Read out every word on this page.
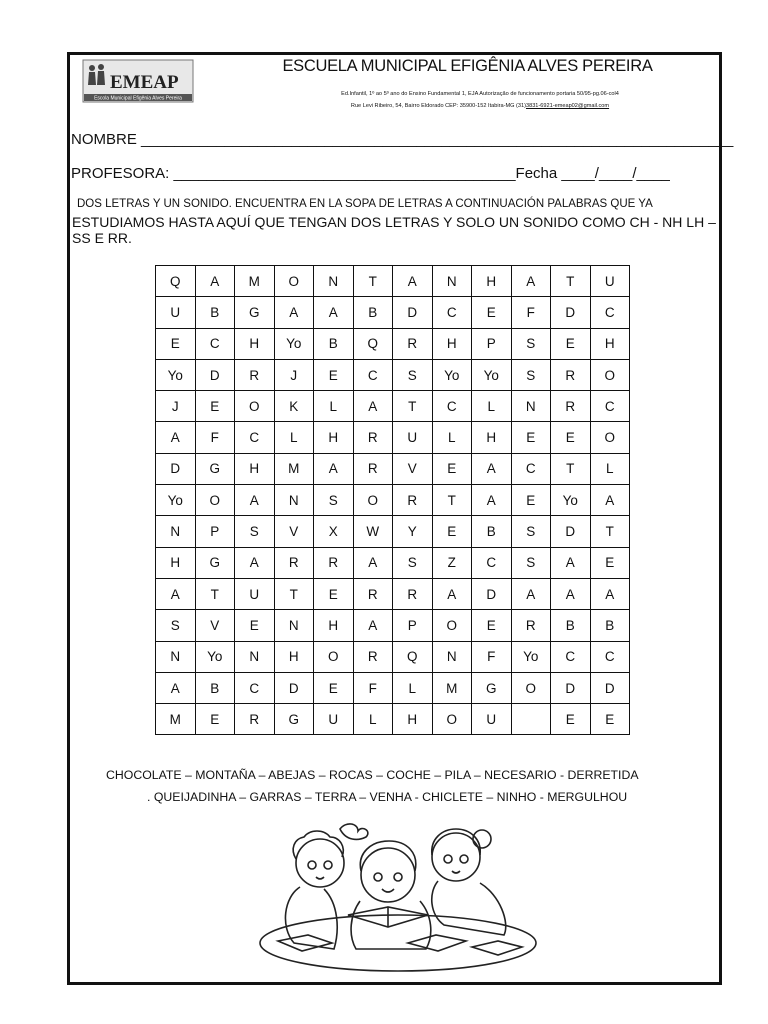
EMEAP
Escola Municipal Efigênia Alves Pereira
ESCUELA MUNICIPAL EFIGÊNIA ALVES PEREIRA
Ed.Infantil, 1º ao 5º ano do Ensino Fundamental 1, EJA Autorização de funcionamento portaria 50/95-pg.06-col4
Rue Levi Ribeiro, 54, Bairro Eldorado CEP: 35900-152 Itabira-MG (31)3831-6921-emeap02@gmail.com
NOMBRE _______________________________________________________________________
PROFESORA: _________________________________________Fecha ____/____/____
DOS LETRAS Y UN SONIDO. ENCUENTRA EN LA SOPA DE LETRAS A CONTINUACIÓN PALABRAS QUE YA
ESTUDIAMOS HASTA AQUÍ QUE TENGAN DOS LETRAS Y SOLO UN SONIDO COMO CH - NH LH – SS E RR.
Q	A	M	O	N	T	A	N	H	A	T	U
U	B	G	A	A	B	D	C	E	F	D	C
E	C	H	Yo	B	Q	R	H	P	S	E	H
Yo	D	R	J	E	C	S	Yo	Yo	S	R	O
J	E	O	K	L	A	T	C	L	N	R	C
A	F	C	L	H	R	U	L	H	E	E	O
D	G	H	M	A	R	V	E	A	C	T	L
Yo	O	A	N	S	O	R	T	A	E	Yo	A
N	P	S	V	X	W	Y	E	B	S	D	T
H	G	A	R	R	A	S	Z	C	S	A	E
A	T	U	T	E	R	R	A	D	A	A	A
S	V	E	N	H	A	P	O	E	R	B	B
N	Yo	N	H	O	R	Q	N	F	Yo	C	C
A	B	C	D	E	F	L	M	G	O	D	D
M	E	R	G	U	L	H	O	U		E	E
CHOCOLATE – MONTAÑA – ABEJAS – ROCAS – COCHE – PILA – NECESARIO - DERRETIDA
. QUEIJADINHA – GARRAS – TERRA – VENHA - CHICLETE – NINHO - MERGULHOU
